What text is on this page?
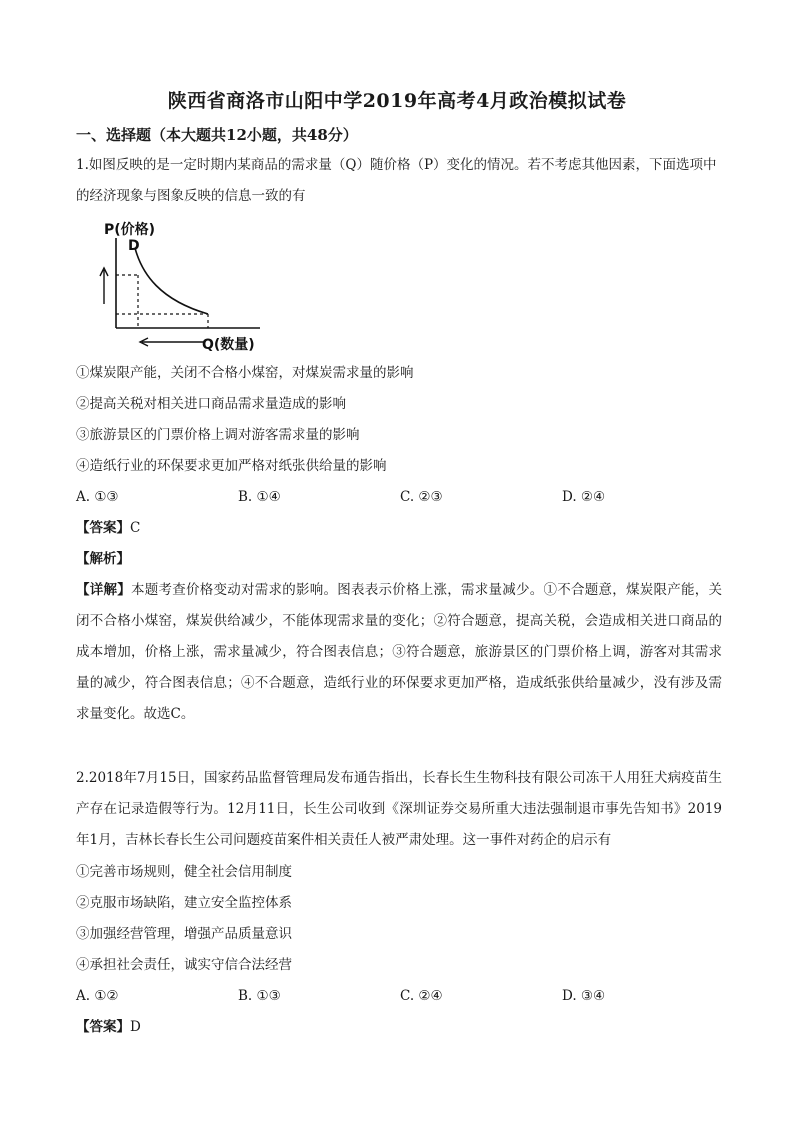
陕西省商洛市山阳中学2019年高考4月政治模拟试卷
一、选择题（本大题共12小题，共48分）
1.如图反映的是一定时期内某商品的需求量（Q）随价格（P）变化的情况。若不考虑其他因素，下面选项中
的经济现象与图象反映的信息一致的有
P(价格)
D
Q(数量)
①煤炭限产能，关闭不合格小煤窑，对煤炭需求量的影响
②提高关税对相关进口商品需求量造成的影响
③旅游景区的门票价格上调对游客需求量的影响
④造纸行业的环保要求更加严格对纸张供给量的影响
A. ①③	B. ①④	C. ②③	D. ②④
【答案】C
【解析】
【详解】本题考查价格变动对需求的影响。图表表示价格上涨，需求量减少。①不合题意，煤炭限产能，关闭不合格小煤窑，煤炭供给减少，不能体现需求量的变化；②符合题意，提高关税，会造成相关进口商品的成本增加，价格上涨，需求量减少，符合图表信息；③符合题意，旅游景区的门票价格上调，游客对其需求量的减少，符合图表信息；④不合题意，造纸行业的环保要求更加严格，造成纸张供给量减少，没有涉及需求量变化。故选C。
2.2018年7月15日，国家药品监督管理局发布通告指出，长春长生生物科技有限公司冻干人用狂犬病疫苗生产存在记录造假等行为。12月11日，长生公司收到《深圳证券交易所重大违法强制退市事先告知书》2019年1月，吉林长春长生公司问题疫苗案件相关责任人被严肃处理。这一事件对药企的启示有
①完善市场规则，健全社会信用制度
②克服市场缺陷，建立安全监控体系
③加强经营管理，增强产品质量意识
④承担社会责任，诚实守信合法经营
A. ①②	B. ①③	C. ②④	D. ③④
【答案】D
